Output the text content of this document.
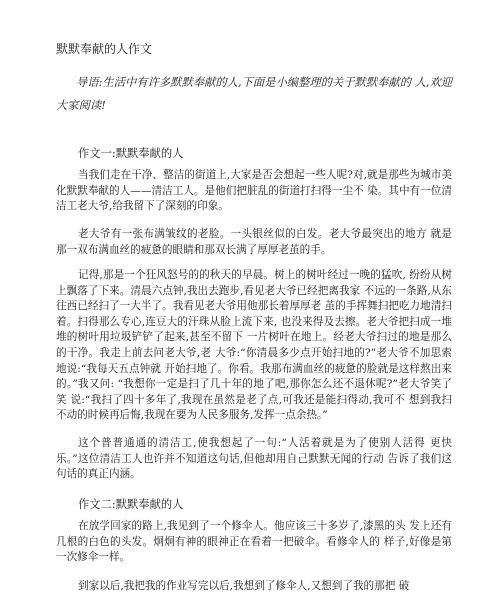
默默奉献的人作文
导语:生活中有许多默默奉献的人,下面是小编整理的关于默默奉献的 人,欢迎大家阅读!
作文一:默默奉献的人
当我们走在干净、整洁的街道上,大家是否会想起一些人呢?对,就是那些为城市美化默默奉献的人——清洁工人。是他们把脏乱的街道打扫得一尘不 染。其中有一位清洁工老大爷,给我留下了深刻的印象。
老大爷有一张布满皱纹的老脸。一头银丝似的白发。老大爷最突出的地方 就是那一双布满血丝的疲惫的眼睛和那双长满了厚厚老茧的手。
记得,那是一个狂风怒号的的秋天的早晨。树上的树叶经过一晚的猛吹, 纷纷从树上飘落了下来。清晨六点钟,我出去跑步,看见老大爷已经把离我家 不远的一条路,从东往西已经扫了一大半了。我看见老大爷用他那长着厚厚老 茧的手挥舞扫把吃力地清扫着。扫得那么专心,连豆大的汗珠从脸上流下来, 也没来得及去擦。老大爷把扫成一堆堆的树叶用垃圾铲铲了起来,甚至不留下 一片树叶在地上。经老大爷扫过的地是那么的干净。我走上前去问老大爷,老 大爷:“你清晨多少点开始扫地的?”老大爷不加思索地说:“我每天五点钟就 开始扫地了。你看。我那布满血丝的疲惫的脸就是这样熬出来的。”我又问: “我想你一定是扫了几十年的地了吧,那你怎么还不退休呢?”老大爷笑了笑 说:“我扫了四十多年了,我现在虽然是老了点,可我还是能扫得动,我可不 想到我扫不动的时候再后悔,我现在要为人民多服务,发挥一点余热。”
这个普普通通的清洁工,使我想起了一句:“人活着就是为了使别人活得 更快乐。”这位清洁工人也许并不知道这句话,但他却用自己默默无闻的行动 告诉了我们这句话的真正内涵。
作文二:默默奉献的人
在放学回家的路上,我见到了一个修伞人。他应该三十多岁了,漆黑的头 发上还有几根的白色的头发。炯炯有神的眼神正在看着一把破伞。看修伞人的 样子,好像是第一次修伞一样。
到家以后,我把我的作业写完以后,我想到了修伞人,又想到了我的那把 破
